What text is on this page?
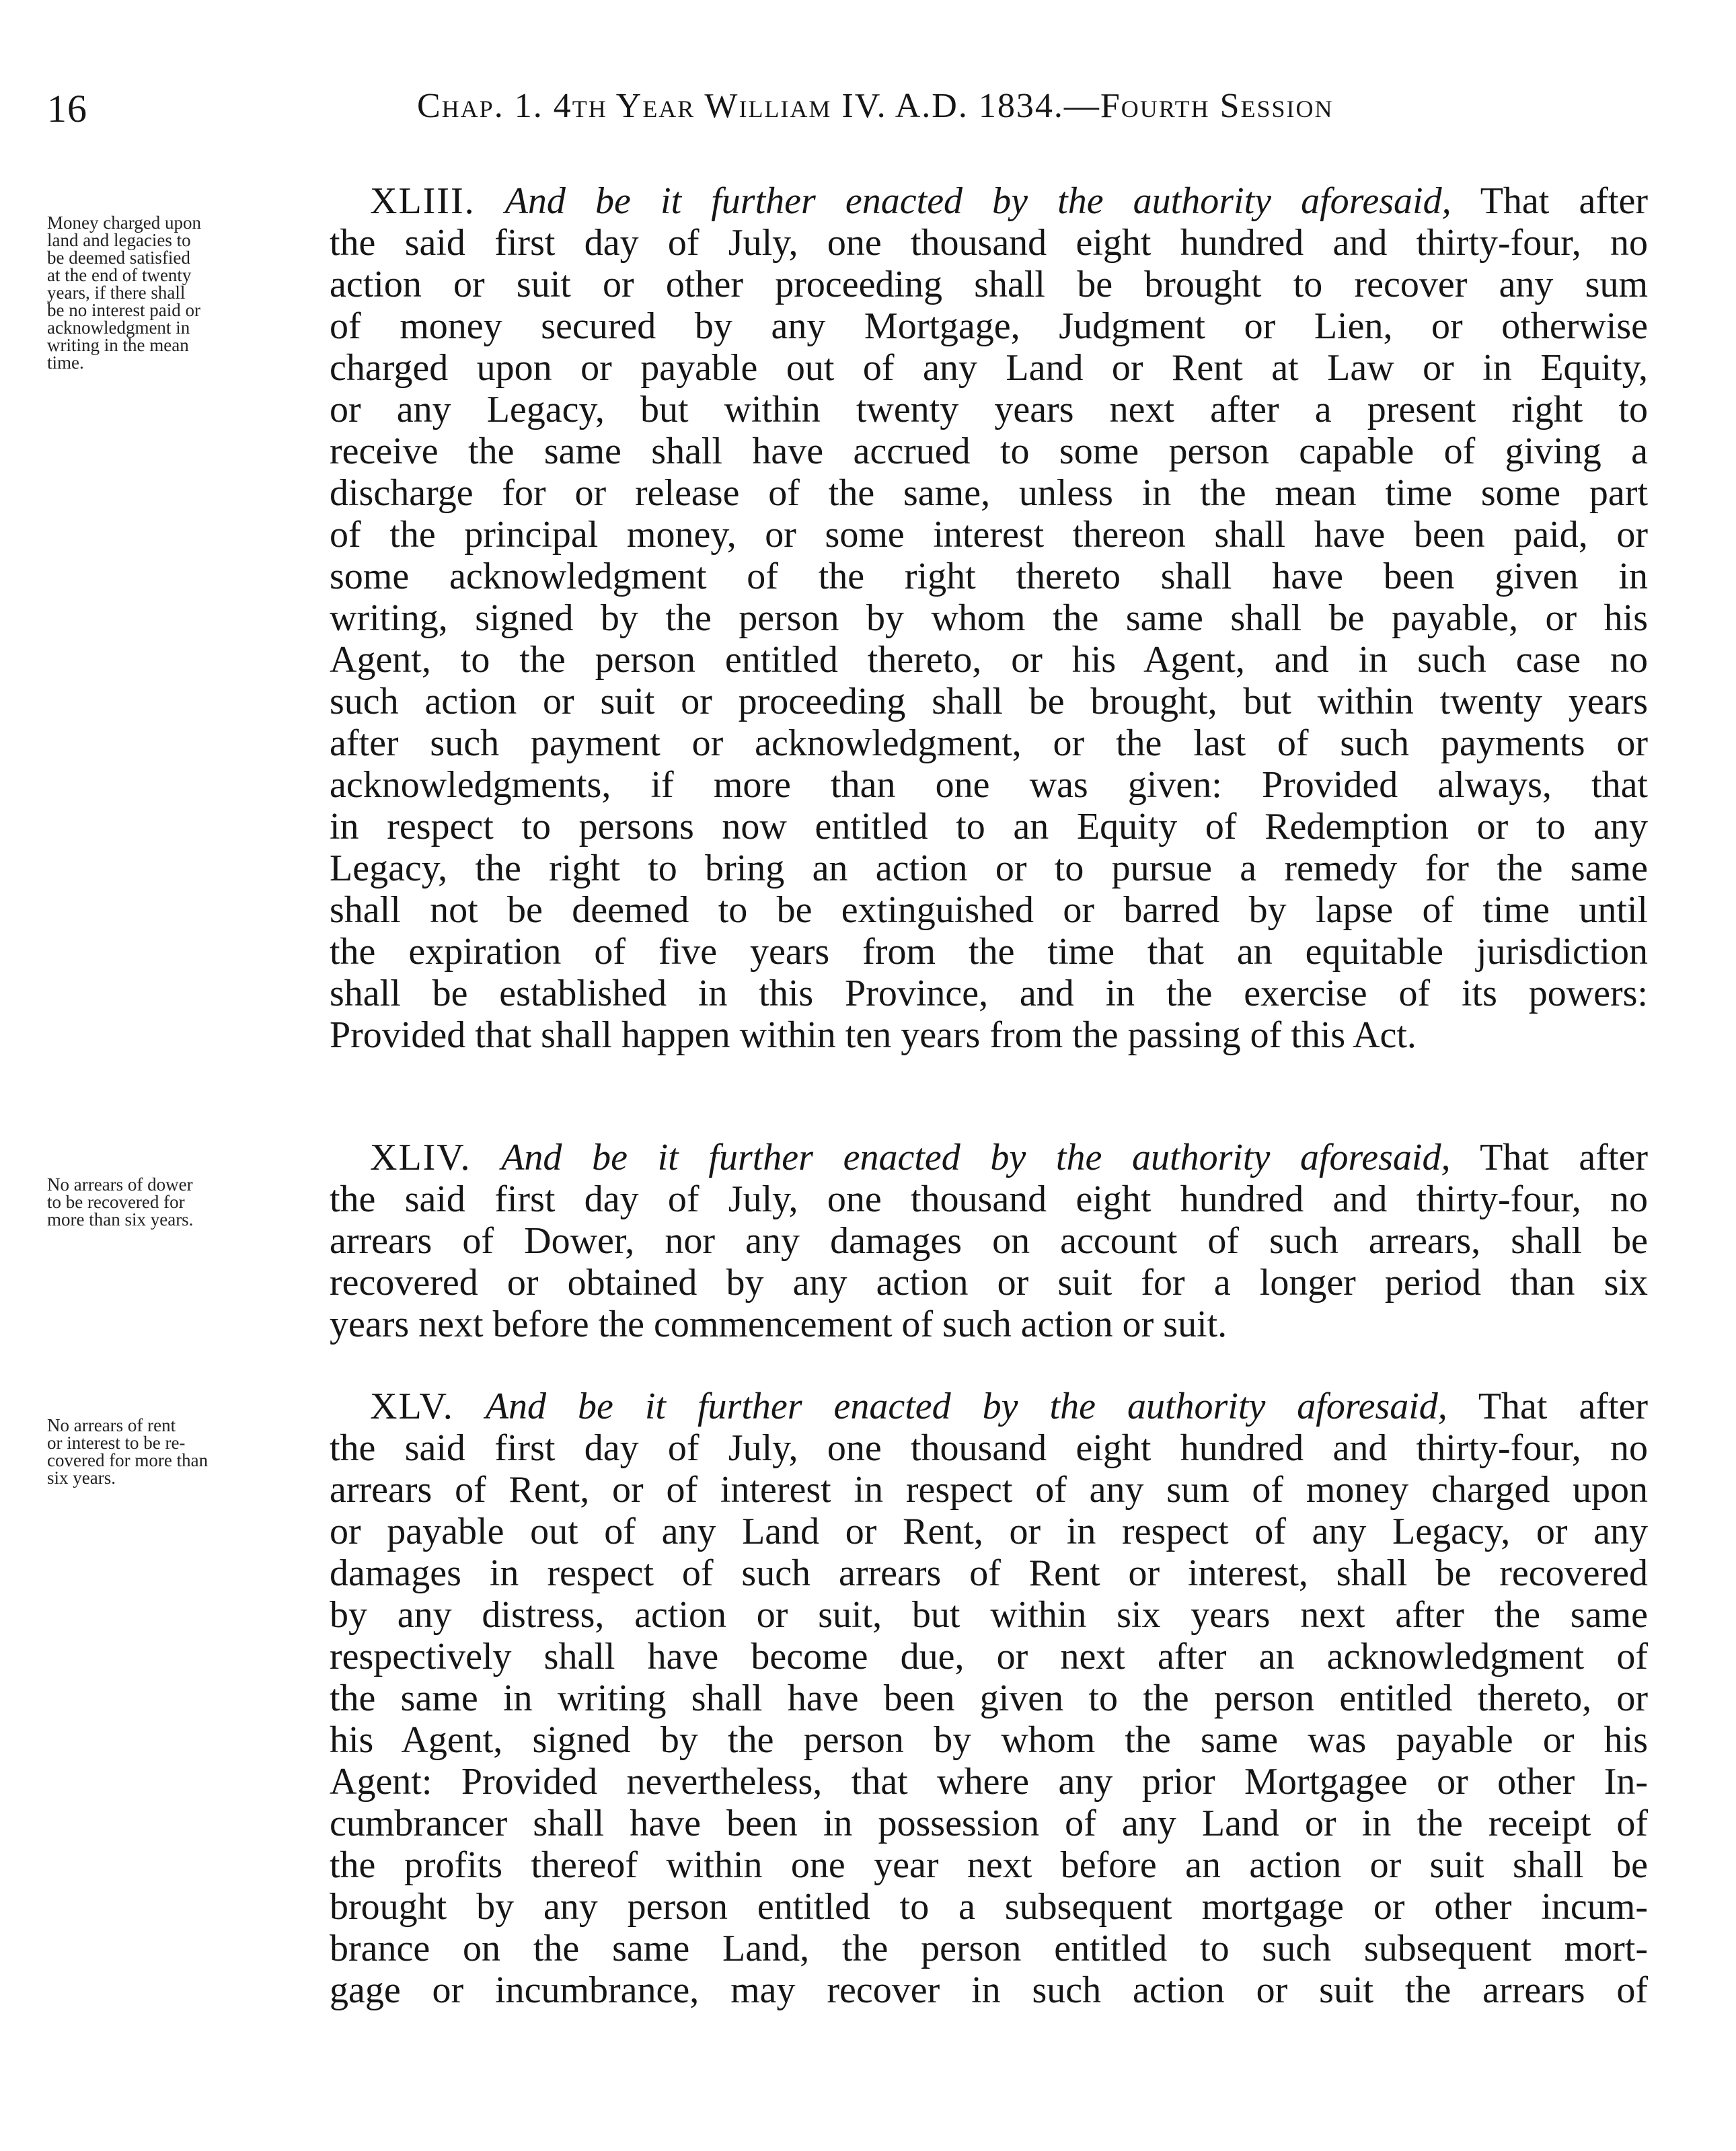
16	Chap. 1. 4th Year William IV. A.D. 1834.—Fourth Session
Money charged upon
land and legacies to
be deemed satisfied
at the end of twenty
years, if there shall
be no interest paid or
acknowledgment in
writing in the mean
time.
XLIII. And be it further enacted by the authority aforesaid, That after
the said first day of July, one thousand eight hundred and thirty-four, no
action or suit or other proceeding shall be brought to recover any sum
of money secured by any Mortgage, Judgment or Lien, or otherwise
charged upon or payable out of any Land or Rent at Law or in Equity,
or any Legacy, but within twenty years next after a present right to
receive the same shall have accrued to some person capable of giving a
discharge for or release of the same, unless in the mean time some part
of the principal money, or some interest thereon shall have been paid, or
some acknowledgment of the right thereto shall have been given in
writing, signed by the person by whom the same shall be payable, or his
Agent, to the person entitled thereto, or his Agent, and in such case no
such action or suit or proceeding shall be brought, but within twenty years
after such payment or acknowledgment, or the last of such payments or
acknowledgments, if more than one was given: Provided always, that
in respect to persons now entitled to an Equity of Redemption or to any
Legacy, the right to bring an action or to pursue a remedy for the same
shall not be deemed to be extinguished or barred by lapse of time until
the expiration of five years from the time that an equitable jurisdiction
shall be established in this Province, and in the exercise of its powers:
Provided that shall happen within ten years from the passing of this Act.
No arrears of dower
to be recovered for
more than six years.
XLIV. And be it further enacted by the authority aforesaid, That after
the said first day of July, one thousand eight hundred and thirty-four, no
arrears of Dower, nor any damages on account of such arrears, shall be
recovered or obtained by any action or suit for a longer period than six
years next before the commencement of such action or suit.
No arrears of rent
or interest to be re-
covered for more than
six years.
XLV. And be it further enacted by the authority aforesaid, That after
the said first day of July, one thousand eight hundred and thirty-four, no
arrears of Rent, or of interest in respect of any sum of money charged upon
or payable out of any Land or Rent, or in respect of any Legacy, or any
damages in respect of such arrears of Rent or interest, shall be recovered
by any distress, action or suit, but within six years next after the same
respectively shall have become due, or next after an acknowledgment of
the same in writing shall have been given to the person entitled thereto, or
his Agent, signed by the person by whom the same was payable or his
Agent: Provided nevertheless, that where any prior Mortgagee or other In-
cumbrancer shall have been in possession of any Land or in the receipt of
the profits thereof within one year next before an action or suit shall be
brought by any person entitled to a subsequent mortgage or other incum-
brance on the same Land, the person entitled to such subsequent mort-
gage or incumbrance, may recover in such action or suit the arrears of
